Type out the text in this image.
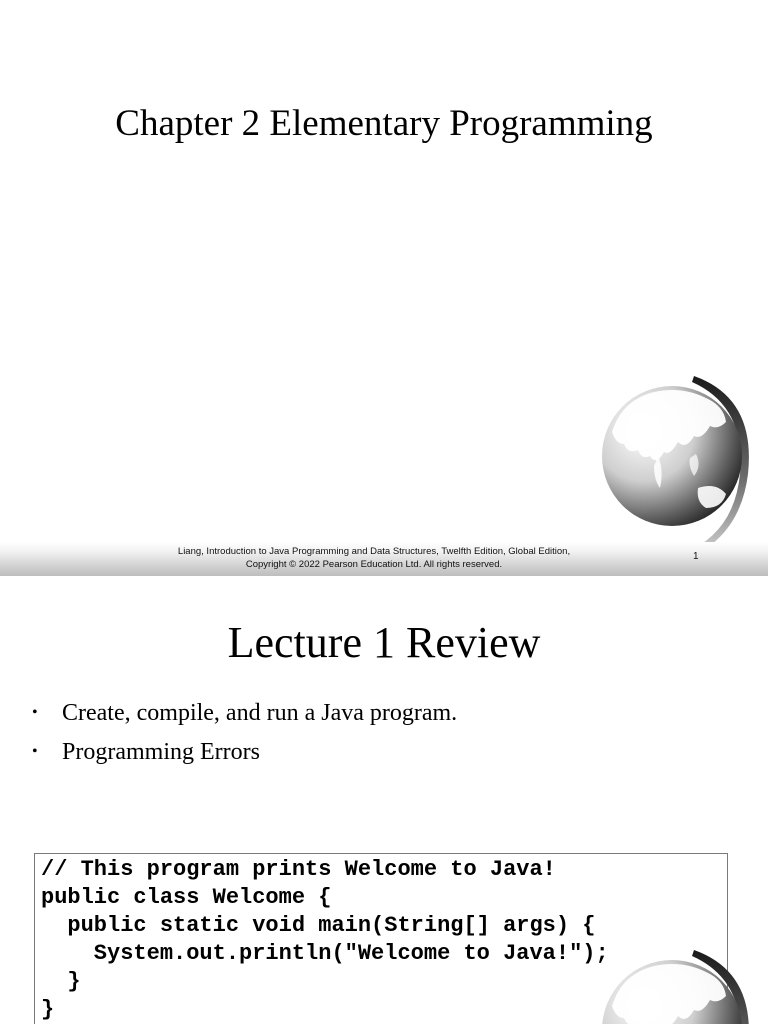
Chapter 2 Elementary Programming
Liang, Introduction to Java Programming and Data Structures, Twelfth Edition, Global Edition,
Copyright © 2022 Pearson Education Ltd. All rights reserved.
1
Lecture 1 Review
• Create, compile, and run a Java program.
• Programming Errors
// This program prints Welcome to Java!
public class Welcome {
public static void main(String[] args) {
System.out.println("Welcome to Java!");
}
}
